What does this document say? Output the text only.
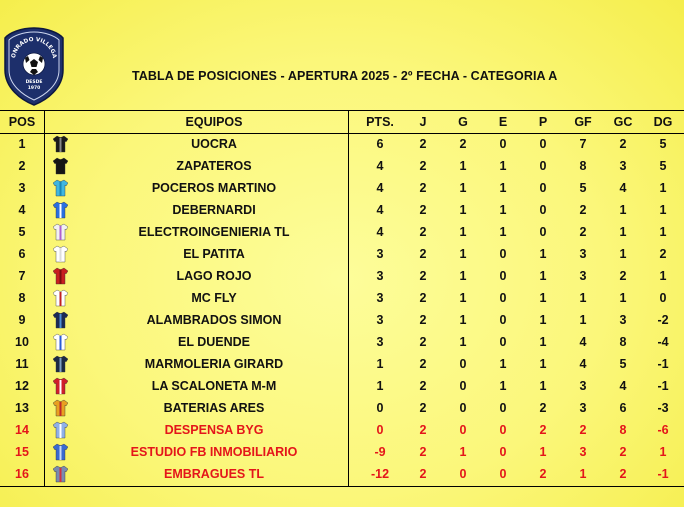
ONRADO VILLEGA
DESDE
1970
TABLA DE POSICIONES - APERTURA 2025 - 2º FECHA - CATEGORIA A
POS	EQUIPOS	PTS.	J	G	E	P	GF	GC	DG
1	UOCRA	6	2	2	0	0	7	2	5
2	ZAPATEROS	4	2	1	1	0	8	3	5
3	POCEROS MARTINO	4	2	1	1	0	5	4	1
4	DEBERNARDI	4	2	1	1	0	2	1	1
5	ELECTROINGENIERIA TL	4	2	1	1	0	2	1	1
6	EL PATITA	3	2	1	0	1	3	1	2
7	LAGO ROJO	3	2	1	0	1	3	2	1
8	MC FLY	3	2	1	0	1	1	1	0
9	ALAMBRADOS SIMON	3	2	1	0	1	1	3	-2
10	EL DUENDE	3	2	1	0	1	4	8	-4
11	MARMOLERIA GIRARD	1	2	0	1	1	4	5	-1
12	LA SCALONETA M-M	1	2	0	1	1	3	4	-1
13	BATERIAS ARES	0	2	0	0	2	3	6	-3
14	DESPENSA BYG	0	2	0	0	2	2	8	-6
15	ESTUDIO FB INMOBILIARIO	-9	2	1	0	1	3	2	1
16	EMBRAGUES TL	-12	2	0	0	2	1	2	-1
